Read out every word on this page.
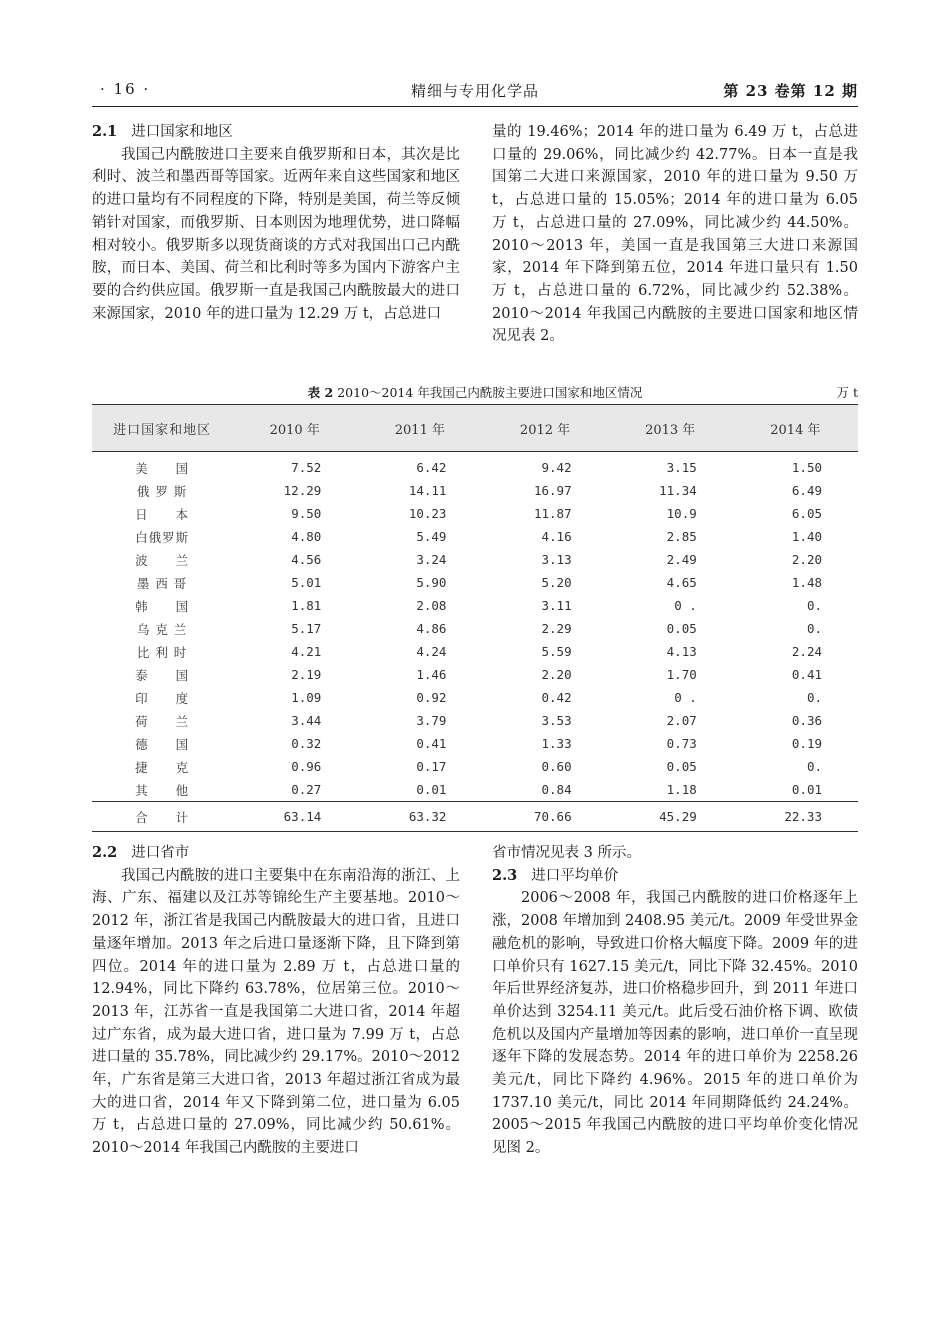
· 16 ·	精细与专用化学品	第 23 卷第 12 期

2.1 进口国家和地区

我国己内酰胺进口主要来自俄罗斯和日本，其次是比利时、波兰和墨西哥等国家。近两年来自这些国家和地区的进口量均有不同程度的下降，特别是美国，荷兰等反倾销针对国家，而俄罗斯、日本则因为地理优势，进口降幅相对较小。俄罗斯多以现货商谈的方式对我国出口己内酰胺，而日本、美国、荷兰和比利时等多为国内下游客户主要的合约供应国。俄罗斯一直是我国己内酰胺最大的进口来源国家，2010 年的进口量为 12.29 万 t，占总进口

量的 19.46%；2014 年的进口量为 6.49 万 t，占总进口量的 29.06%，同比减少约 42.77%。日本一直是我国第二大进口来源国家，2010 年的进口量为 9.50 万 t，占总进口量的 15.05%；2014 年的进口量为 6.05 万 t，占总进口量的 27.09%，同比减少约 44.50%。2010～2013 年，美国一直是我国第三大进口来源国家，2014 年下降到第五位，2014 年进口量只有 1.50 万 t，占总进口量的 6.72%，同比减少约 52.38%。2010～2014 年我国己内酰胺的主要进口国家和地区情况见表 2。

表 2 2010～2014 年我国己内酰胺主要进口国家和地区情况	万 t
进口国家和地区	2010 年	2011 年	2012 年	2013 年	2014 年
美　　国	7.52	6.42	9.42	3.15	1.50
俄 罗 斯	12.29	14.11	16.97	11.34	6.49
日　　本	9.50	10.23	11.87	10.9	6.05
白俄罗斯	4.80	5.49	4.16	2.85	1.40
波　　兰	4.56	3.24	3.13	2.49	2.20
墨 西 哥	5.01	5.90	5.20	4.65	1.48
韩　　国	1.81	2.08	3.11	0 .	0.
乌 克 兰	5.17	4.86	2.29	0.05	0.
比 利 时	4.21	4.24	5.59	4.13	2.24
泰　　国	2.19	1.46	2.20	1.70	0.41
印　　度	1.09	0.92	0.42	0 .	0.
荷　　兰	3.44	3.79	3.53	2.07	0.36
德　　国	0.32	0.41	1.33	0.73	0.19
捷　　克	0.96	0.17	0.60	0.05	0.
其　　他	0.27	0.01	0.84	1.18	0.01
合　　计	63.14	63.32	70.66	45.29	22.33

2.2 进口省市

我国己内酰胺的进口主要集中在东南沿海的浙江、上海、广东、福建以及江苏等锦纶生产主要基地。2010～2012 年，浙江省是我国己内酰胺最大的进口省，且进口量逐年增加。2013 年之后进口量逐渐下降，且下降到第四位。2014 年的进口量为 2.89 万 t，占总进口量的 12.94%，同比下降约 63.78%，位居第三位。2010～2013 年，江苏省一直是我国第二大进口省，2014 年超过广东省，成为最大进口省，进口量为 7.99 万 t，占总进口量的 35.78%，同比减少约 29.17%。2010～2012 年，广东省是第三大进口省，2013 年超过浙江省成为最大的进口省，2014 年又下降到第二位，进口量为 6.05 万 t，占总进口量的 27.09%，同比减少约 50.61%。2010～2014 年我国己内酰胺的主要进口

省市情况见表 3 所示。

2.3 进口平均单价

2006～2008 年，我国己内酰胺的进口价格逐年上涨，2008 年增加到 2408.95 美元/t。2009 年受世界金融危机的影响，导致进口价格大幅度下降。2009 年的进口单价只有 1627.15 美元/t，同比下降 32.45%。2010 年后世界经济复苏，进口价格稳步回升，到 2011 年进口单价达到 3254.11 美元/t。此后受石油价格下调、欧债危机以及国内产量增加等因素的影响，进口单价一直呈现逐年下降的发展态势。2014 年的进口单价为 2258.26 美元/t，同比下降约 4.96%。2015 年的进口单价为 1737.10 美元/t，同比 2014 年同期降低约 24.24%。2005～2015 年我国己内酰胺的进口平均单价变化情况见图 2。
